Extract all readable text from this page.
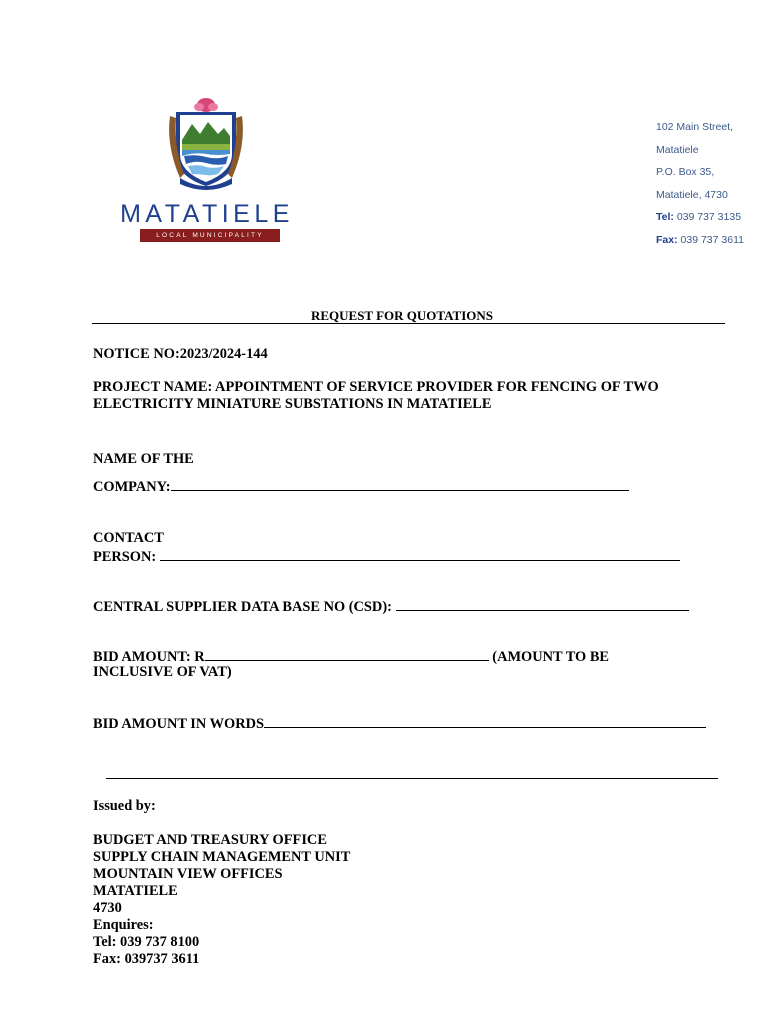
MATATIELE
LOCAL MUNICIPALITY
102 Main Street,
Matatiele
P.O. Box 35,
Matatiele, 4730
Tel: 039 737 3135
Fax: 039 737 3611
REQUEST FOR QUOTATIONS
NOTICE NO:2023/2024-144
PROJECT NAME: APPOINTMENT OF SERVICE PROVIDER FOR FENCING OF TWO
ELECTRICITY MINIATURE SUBSTATIONS IN MATATIELE
NAME OF THE
COMPANY:
CONTACT
PERSON:
CENTRAL SUPPLIER DATA BASE NO (CSD):
BID AMOUNT: R	(AMOUNT TO BE
INCLUSIVE OF VAT)
BID AMOUNT IN WORDS
Issued by:
BUDGET AND TREASURY OFFICE
SUPPLY CHAIN MANAGEMENT UNIT
MOUNTAIN VIEW OFFICES
MATATIELE
4730
Enquires:
Tel: 039 737 8100
Fax: 039737 3611
